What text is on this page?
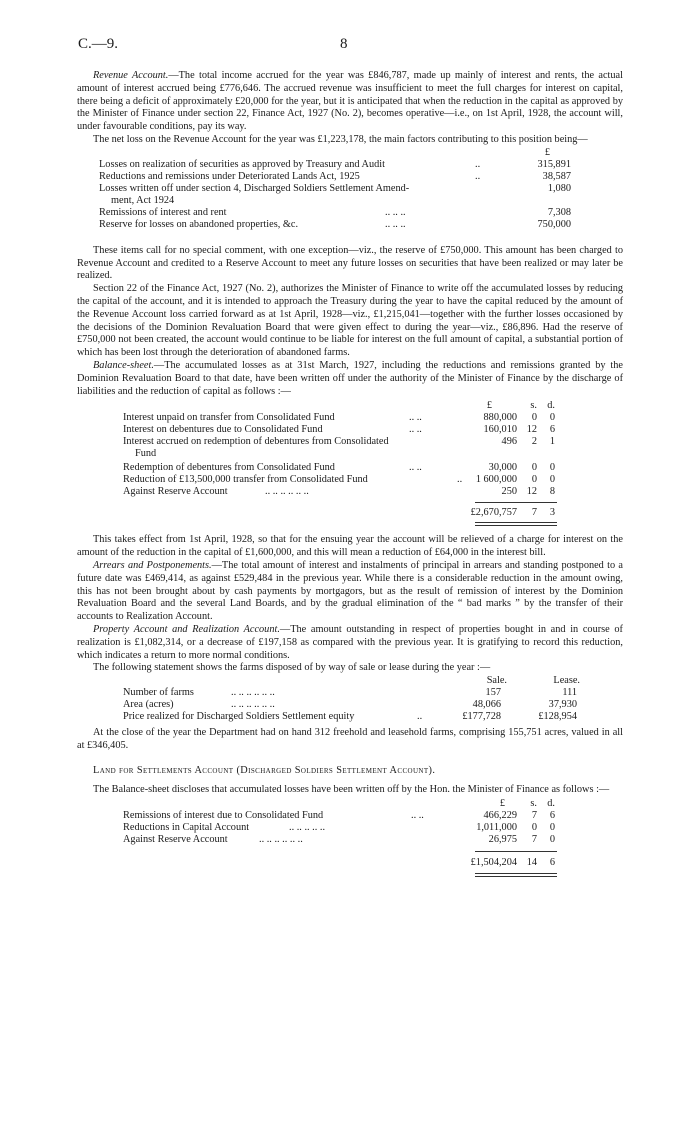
C.—9.	8

Revenue Account.—The total income accrued for the year was £846,787, made up mainly of interest and rents, the actual amount of interest accrued being £776,646. The accrued revenue was insufficient to meet the full charges for interest on capital, there being a deficit of approximately £20,000 for the year, but it is anticipated that when the reduction in the capital as approved by the Minister of Finance under section 22, Finance Act, 1927 (No. 2), becomes operative—i.e., on 1st April, 1928, the account will, under favourable conditions, pay its way.

The net loss on the Revenue Account for the year was £1,223,178, the main factors contributing to this position being—

£
Losses on realization of securities as approved by Treasury and Audit	..	315,891
Reductions and remissions under Deteriorated Lands Act, 1925	..	38,587
Losses written off under section 4, Discharged Soldiers Settlement Amend-	1,080
ment, Act 1924
Remissions of interest and rent	.. .. ..	7,308
Reserve for losses on abandoned properties, &c.	.. .. ..	750,000

These items call for no special comment, with one exception—viz., the reserve of £750,000. This amount has been charged to Revenue Account and credited to a Reserve Account to meet any future losses on securities that have been realized or may later be realized.

Section 22 of the Finance Act, 1927 (No. 2), authorizes the Minister of Finance to write off the accumulated losses by reducing the capital of the account, and it is intended to approach the Treasury during the year to have the capital reduced by the amount of the Revenue Account loss carried forward as at 1st April, 1928—viz., £1,215,041—together with the further losses occasioned by the decisions of the Dominion Revaluation Board that were given effect to during the year—viz., £86,896. Had the reserve of £750,000 not been created, the account would continue to be liable for interest on the full amount of capital, a substantial portion of which has been lost through the deterioration of abandoned farms.

Balance-sheet.—The accumulated losses as at 31st March, 1927, including the reductions and remissions granted by the Dominion Revaluation Board to that date, have been written off under the authority of the Minister of Finance by the discharge of liabilities and the reduction of capital as follows :—

£	s. d.
Interest unpaid on transfer from Consolidated Fund	.. ..	880,000	0	0
Interest on debentures due to Consolidated Fund	.. ..	160,010 12	6
Interest accrued on redemption of debentures from Consolidated	496	2	1
Fund
Redemption of debentures from Consolidated Fund	.. ..	30,000	0	0
Reduction of £13,500,000 transfer from Consolidated Fund	..	1 600,000	0	0
Against Reserve Account	.. .. .. .. .. ..	250 12	8
£2,670,757	7	3

This takes effect from 1st April, 1928, so that for the ensuing year the account will be relieved of a charge for interest on the amount of the reduction in the capital of £1,600,000, and this will mean a reduction of £64,000 in the interest bill.

Arrears and Postponements.—The total amount of interest and instalments of principal in arrears and standing postponed to a future date was £469,414, as against £529,484 in the previous year. While there is a considerable reduction in the amount owing, this has not been brought about by cash payments by mortgagors, but as the result of remission of interest by the Dominion Revaluation Board and the several Land Boards, and by the gradual elimination of the “ bad marks ” by the transfer of their accounts to Realization Account.

Property Account and Realization Account.—The amount outstanding in respect of properties bought in and in course of realization is £1,082,314, or a decrease of £197,158 as compared with the previous year. It is gratifying to record this reduction, which indicates a return to more normal conditions.

The following statement shows the farms disposed of by way of sale or lease during the year :—

Sale.	Lease.
Number of farms	.. .. .. .. .. ..	157	111
Area (acres)	.. .. .. .. .. ..	48,066	37,930
Price realized for Discharged Soldiers Settlement equity	..	£177,728	£128,954

At the close of the year the Department had on hand 312 freehold and leasehold farms, comprising 155,751 acres, valued in all at £346,405.

Land for Settlements Account (Discharged Soldiers Settlement Account).

The Balance-sheet discloses that accumulated losses have been written off by the Hon. the Minister of Finance as follows :—

£	s. d.
Remissions of interest due to Consolidated Fund	.. ..	466,229	7	6
Reductions in Capital Account	.. .. .. .. ..	1,011,000	0	0
Against Reserve Account	.. .. .. .. .. ..	26,975	7	0
£1,504,204 14	6
